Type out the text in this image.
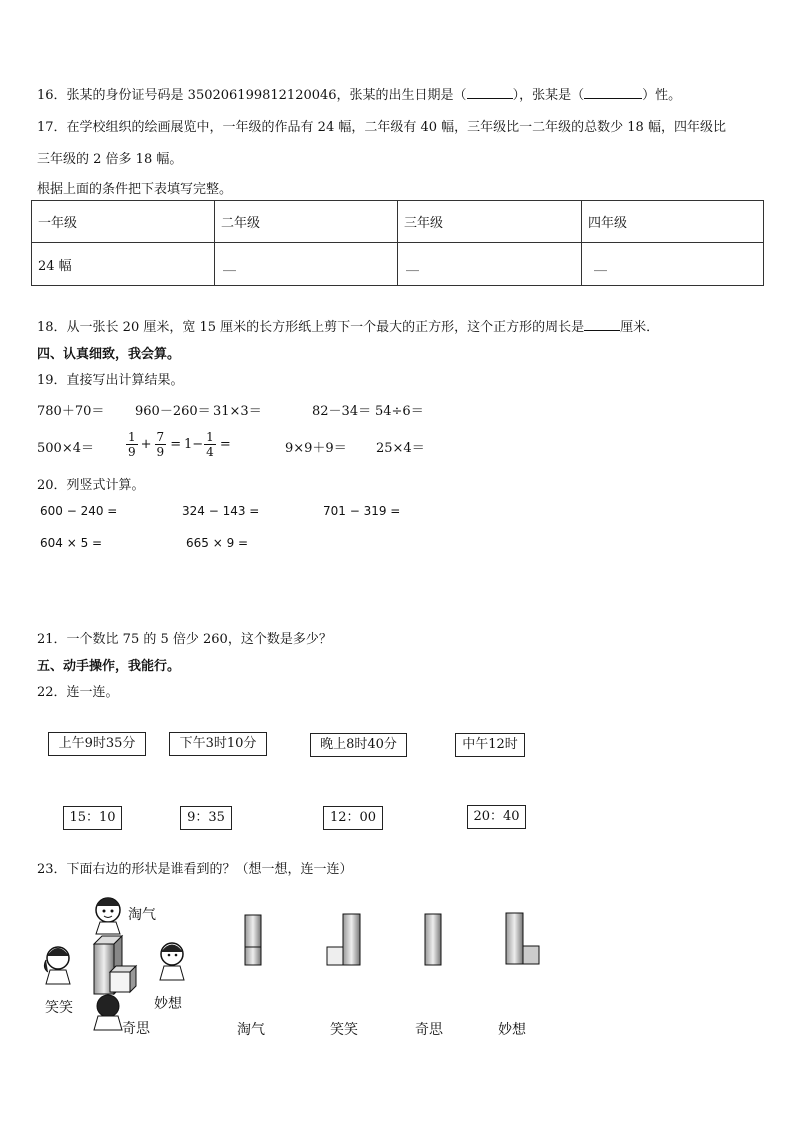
16．张某的身份证号码是 350206199812120046，张某的出生日期是（	），张某是（	）性。
17．在学校组织的绘画展览中，一年级的作品有 24 幅，二年级有 40 幅，三年级比一二年级的总数少 18 幅，四年级比
三年级的 2 倍多 18 幅。
根据上面的条件把下表填写完整。
一年级	二年级	三年级	四年级
24 幅	__	__	__
18．从一张长 20 厘米，宽 15 厘米的长方形纸上剪下一个最大的正方形，这个正方形的周长是	厘米．
四、认真细致，我会算。
19．直接写出计算结果。
780＋70＝ 960－260＝ 31×3＝	82－34＝ 54÷6＝
500×4＝	$\frac{1}{9} + \frac{7}{9} = 1- \frac{1}{4}$ =	9×9＋9＝ 25×4＝
20．列竖式计算。
600 − 240 =	324 − 143 =	701 − 319 =
604 × 5 =	665 × 9 =
21．一个数比 75 的 5 倍少 260，这个数是多少？
五、动手操作，我能行。
22．连一连。
上午9时35分	下午3时10分	晚上8时40分	中午12时
15：10	9：35	12：00	20：40
23．下面右边的形状是谁看到的？（想一想，连一连）
淘气
笑笑	妙想
奇思	淘气	笑笑	奇思	妙想
